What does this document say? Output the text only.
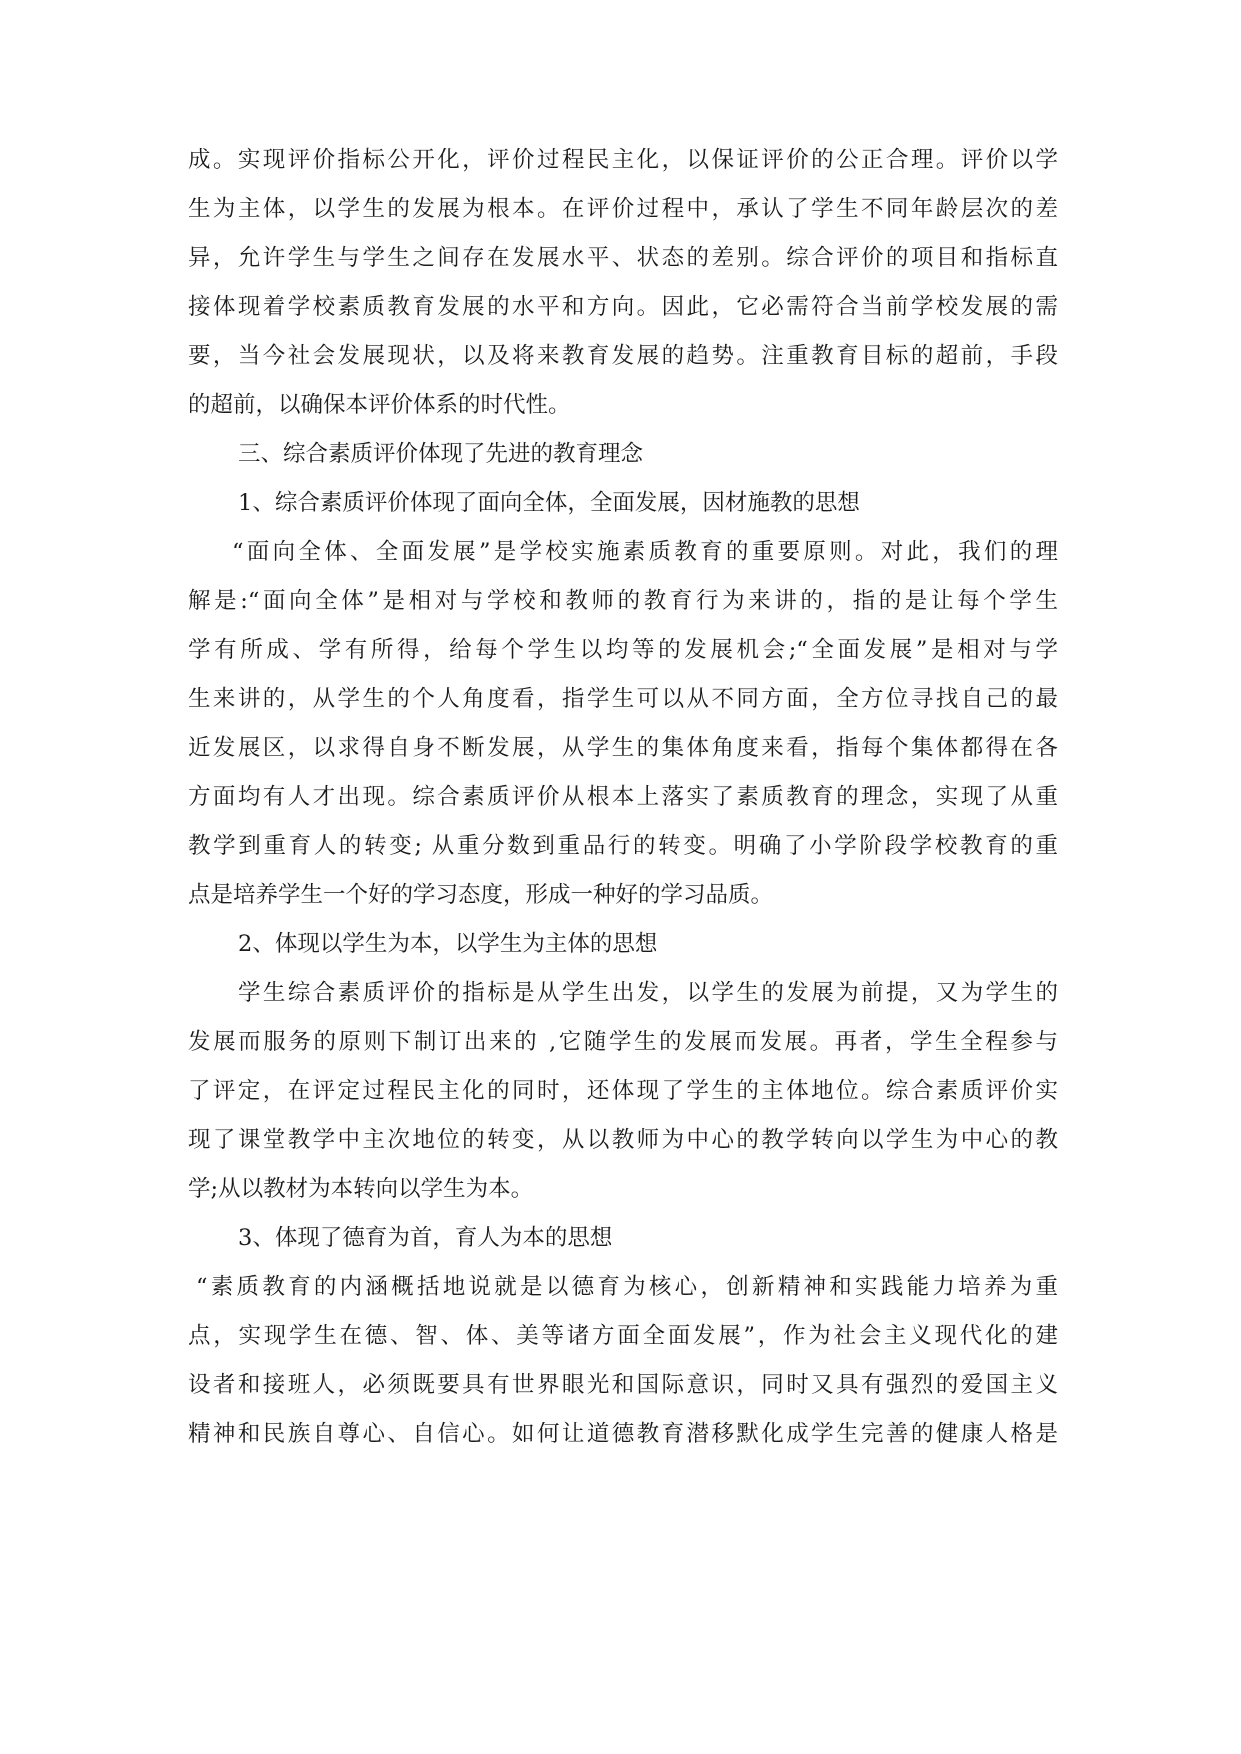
成。实现评价指标公开化，评价过程民主化，以保证评价的公正合理。评价以学
生为主体，以学生的发展为根本。在评价过程中，承认了学生不同年龄层次的差
异，允许学生与学生之间存在发展水平、状态的差别。综合评价的项目和指标直
接体现着学校素质教育发展的水平和方向。因此，它必需符合当前学校发展的需
要，当今社会发展现状，以及将来教育发展的趋势。注重教育目标的超前，手段
的超前，以确保本评价体系的时代性。
三、综合素质评价体现了先进的教育理念
1、综合素质评价体现了面向全体，全面发展，因材施教的思想
“面向全体、全面发展”是学校实施素质教育的重要原则。对此，我们的理
解是:“面向全体”是相对与学校和教师的教育行为来讲的，指的是让每个学生
学有所成、学有所得，给每个学生以均等的发展机会;“全面发展”是相对与学
生来讲的，从学生的个人角度看，指学生可以从不同方面，全方位寻找自己的最
近发展区，以求得自身不断发展，从学生的集体角度来看，指每个集体都得在各
方面均有人才出现。综合素质评价从根本上落实了素质教育的理念，实现了从重
教学到重育人的转变; 从重分数到重品行的转变。明确了小学阶段学校教育的重
点是培养学生一个好的学习态度，形成一种好的学习品质。
2、体现以学生为本，以学生为主体的思想
学生综合素质评价的指标是从学生出发，以学生的发展为前提，又为学生的
发展而服务的原则下制订出来的 ,它随学生的发展而发展。再者，学生全程参与
了评定，在评定过程民主化的同时，还体现了学生的主体地位。综合素质评价实
现了课堂教学中主次地位的转变，从以教师为中心的教学转向以学生为中心的教
学;从以教材为本转向以学生为本。
3、体现了德育为首，育人为本的思想
“素质教育的内涵概括地说就是以德育为核心，创新精神和实践能力培养为重
点，实现学生在德、智、体、美等诸方面全面发展”，作为社会主义现代化的建
设者和接班人，必须既要具有世界眼光和国际意识，同时又具有强烈的爱国主义
精神和民族自尊心、自信心。如何让道德教育潜移默化成学生完善的健康人格是
